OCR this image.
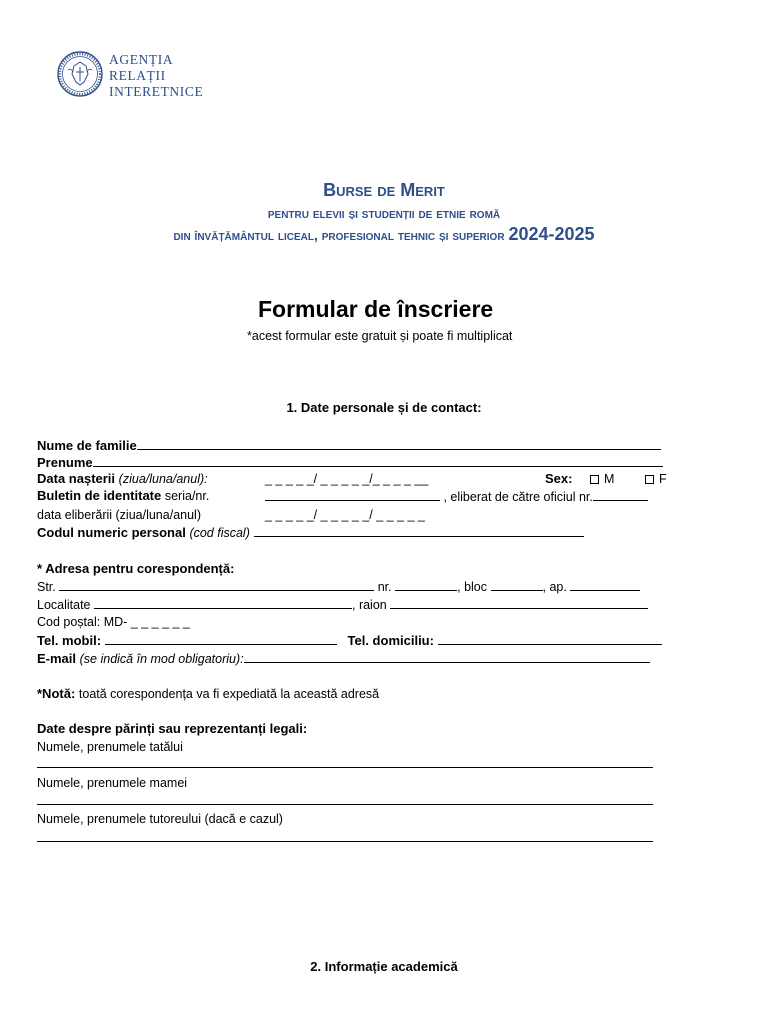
AGENȚIA
RELAȚII
INTERETNICE
Burse de Merit
pentru elevii și studenții de etnie romă
din învățământul liceal, profesional tehnic și superior 2024-2025
Formular de înscriere
*acest formular este gratuit și poate fi multiplicat
1. Date personale și de contact:
Nume de familie
Prenume
Data nașterii (ziua/luna/anul):	_ _ _ _ _/ _ _ _ _ _/_ _ _ _ __	Sex:	M	F
Buletin de identitate seria/nr.	, eliberat de către oficiul nr.
data eliberării (ziua/luna/anul)	_ _ _ _ _/ _ _ _ _ _/ _ _ _ _ _
Codul numeric personal (cod fiscal)
* Adresa pentru corespondență:
Str.	nr.	, bloc	, ap.
Localitate	, raion
Cod poștal: MD- _ _ _ _ _ _
Tel. mobil:	Tel. domiciliu:
E-mail (se indică în mod obligatoriu):
*Notă: toată corespondența va fi expediată la această adresă
Date despre părinți sau reprezentanți legali:
Numele, prenumele tatălui
Numele, prenumele mamei
Numele, prenumele tutoreului (dacă e cazul)
2. Informație academică
